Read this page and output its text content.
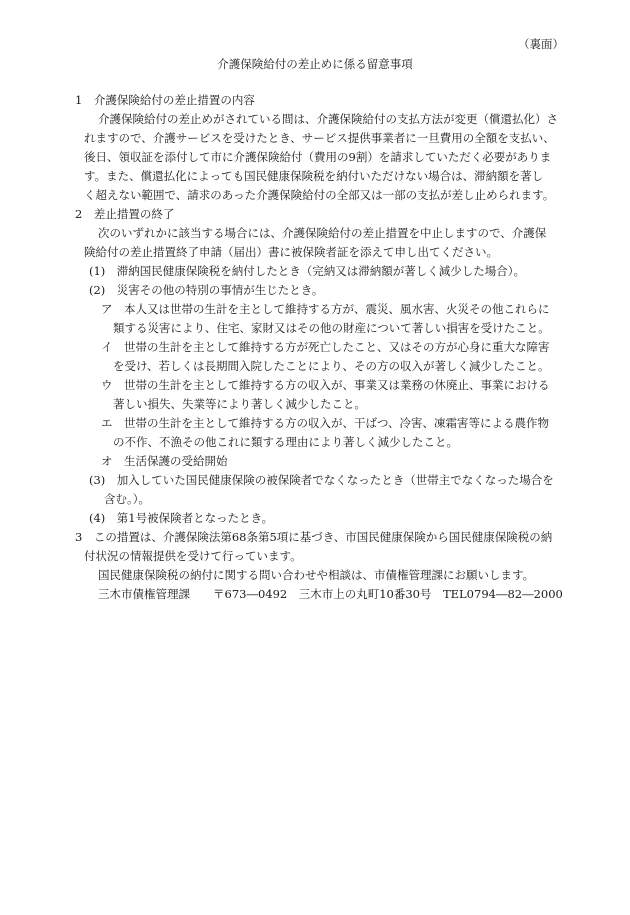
（裏面）
介護保険給付の差止めに係る留意事項
1　介護保険給付の差止措置の内容
介護保険給付の差止めがされている間は、介護保険給付の支払方法が変更（償還払化）さ
れますので、介護サービスを受けたとき、サービス提供事業者に一旦費用の全額を支払い、
後日、領収証を添付して市に介護保険給付（費用の9割）を請求していただく必要がありま
す。また、償還払化によっても国民健康保険税を納付いただけない場合は、滞納額を著し
く超えない範囲で、請求のあった介護保険給付の全部又は一部の支払が差し止められます。
2　差止措置の終了
次のいずれかに該当する場合には、介護保険給付の差止措置を中止しますので、介護保
険給付の差止措置終了申請（届出）書に被保険者証を添えて申し出てください。
(1)　滞納国民健康保険税を納付したとき（完納又は滞納額が著しく減少した場合）。
(2)　災害その他の特別の事情が生じたとき。
ア　本人又は世帯の生計を主として維持する方が、震災、風水害、火災その他これらに
類する災害により、住宅、家財又はその他の財産について著しい損害を受けたこと。
イ　世帯の生計を主として維持する方が死亡したこと、又はその方が心身に重大な障害
を受け、若しくは長期間入院したことにより、その方の収入が著しく減少したこと。
ウ　世帯の生計を主として維持する方の収入が、事業又は業務の休廃止、事業における
著しい損失、失業等により著しく減少したこと。
エ　世帯の生計を主として維持する方の収入が、干ばつ、冷害、凍霜害等による農作物
の不作、不漁その他これに類する理由により著しく減少したこと。
オ　生活保護の受給開始
(3)　加入していた国民健康保険の被保険者でなくなったとき（世帯主でなくなった場合を
含む。）。
(4)　第1号被保険者となったとき。
3　この措置は、介護保険法第68条第5項に基づき、市国民健康保険から国民健康保険税の納
付状況の情報提供を受けて行っています。
国民健康保険税の納付に関する問い合わせや相談は、市債権管理課にお願いします。
三木市債権管理課　　〒673―0492　三木市上の丸町10番30号　TEL0794―82―2000
